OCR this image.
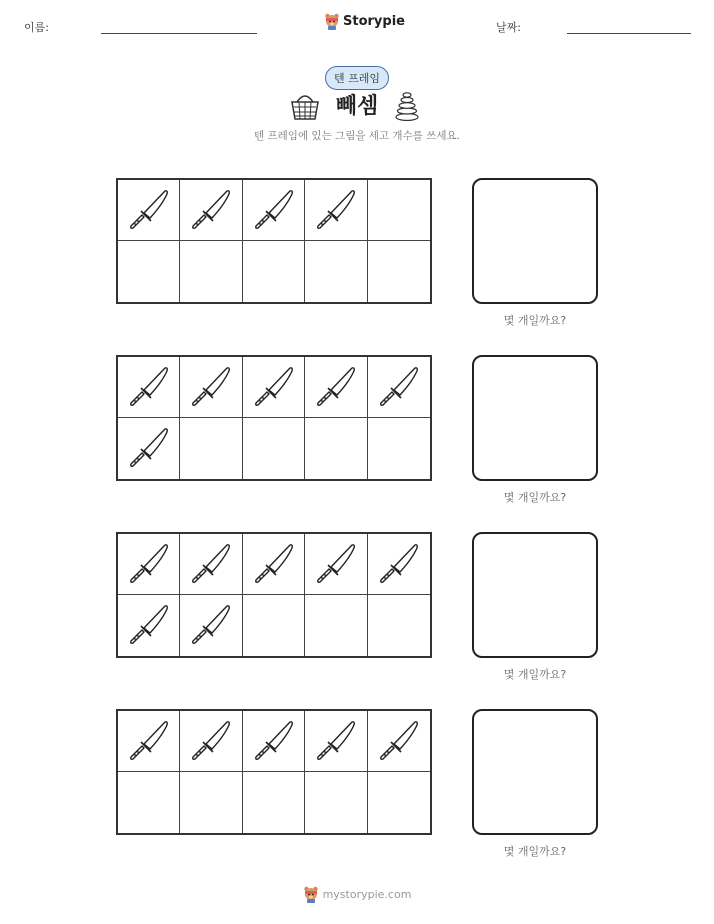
이름:	Storypie	날짜:
텐 프레임
빼셈
텐 프레임에 있는 그림을 세고 개수를 쓰세요.
몇 개일까요?
몇 개일까요?
몇 개일까요?
몇 개일까요?
mystorypie.com
